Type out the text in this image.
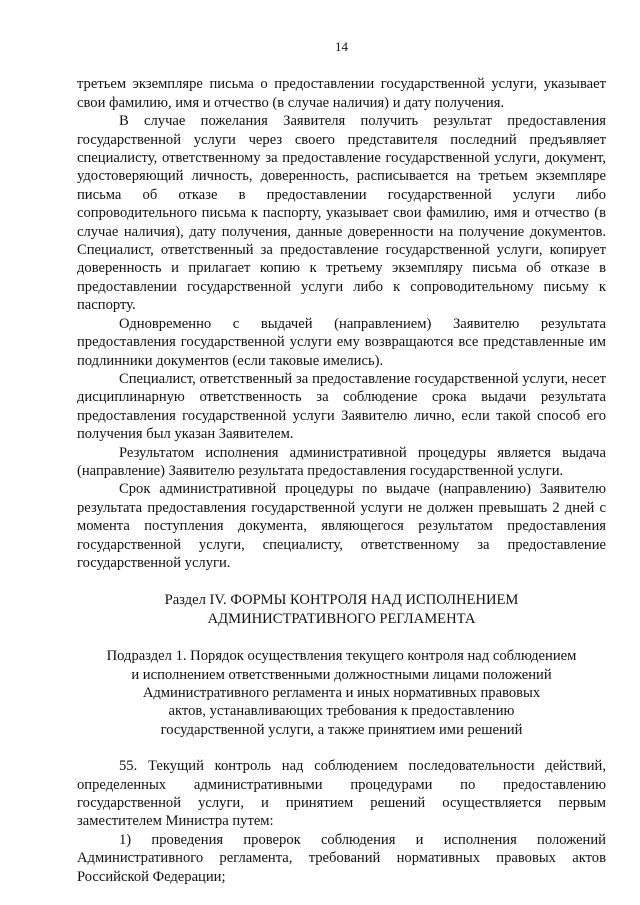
14

третьем экземпляре письма о предоставлении государственной услуги, указывает свои фамилию, имя и отчество (в случае наличия) и дату получения.

В случае пожелания Заявителя получить результат предоставления государственной услуги через своего представителя последний предъявляет специалисту, ответственному за предоставление государственной услуги, документ, удостоверяющий личность, доверенность, расписывается на третьем экземпляре письма об отказе в предоставлении государственной услуги либо сопроводительного письма к паспорту, указывает свои фамилию, имя и отчество (в случае наличия), дату получения, данные доверенности на получение документов. Специалист, ответственный за предоставление государственной услуги, копирует доверенность и прилагает копию к третьему экземпляру письма об отказе в предоставлении государственной услуги либо к сопроводительному письму к паспорту.

Одновременно с выдачей (направлением) Заявителю результата предоставления государственной услуги ему возвращаются все представленные им подлинники документов (если таковые имелись).

Специалист, ответственный за предоставление государственной услуги, несет дисциплинарную ответственность за соблюдение срока выдачи результата предоставления государственной услуги Заявителю лично, если такой способ его получения был указан Заявителем.

Результатом исполнения административной процедуры является выдача (направление) Заявителю результата предоставления государственной услуги.

Срок административной процедуры по выдаче (направлению) Заявителю результата предоставления государственной услуги не должен превышать 2 дней с момента поступления документа, являющегося результатом предоставления государственной услуги, специалисту, ответственному за предоставление государственной услуги.

Раздел IV. ФОРМЫ КОНТРОЛЯ НАД ИСПОЛНЕНИЕМ
АДМИНИСТРАТИВНОГО РЕГЛАМЕНТА
Подраздел 1. Порядок осуществления текущего контроля над соблюдением
и исполнением ответственными должностными лицами положений
Административного регламента и иных нормативных правовых
актов, устанавливающих требования к предоставлению
государственной услуги, а также принятием ими решений

55. Текущий контроль над соблюдением последовательности действий, определенных административными процедурами по предоставлению государственной услуги, и принятием решений осуществляется первым заместителем Министра путем:

1) проведения проверок соблюдения и исполнения положений Административного регламента, требований нормативных правовых актов Российской Федерации;
